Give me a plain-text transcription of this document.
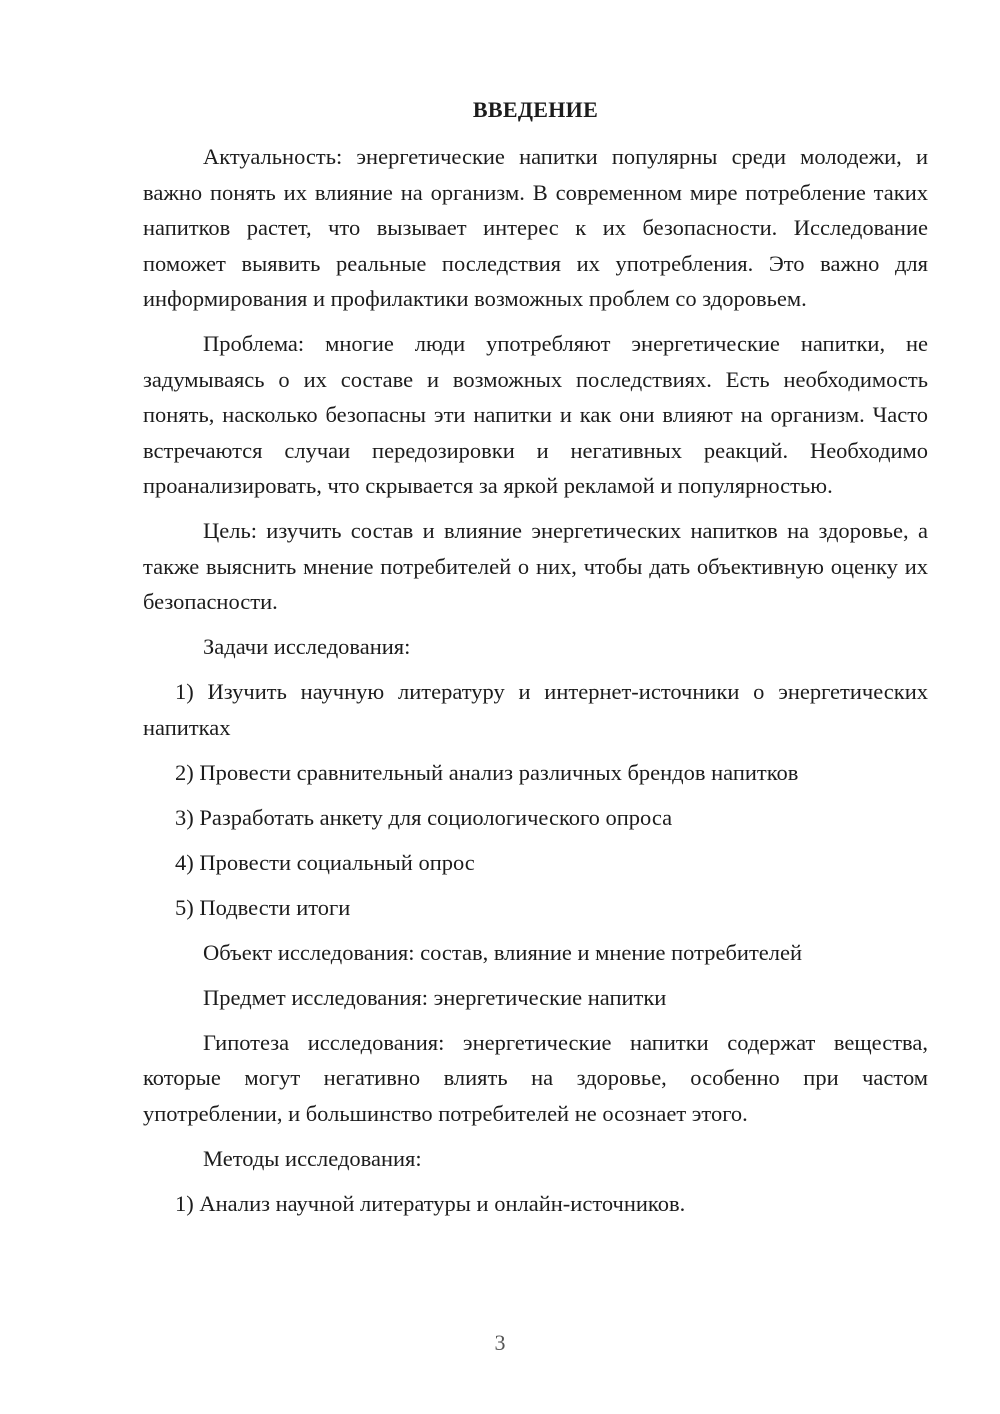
ВВЕДЕНИЕ

Актуальность: энергетические напитки популярны среди молодежи, и важно понять их влияние на организм. В современном мире потребление таких напитков растет, что вызывает интерес к их безопасности. Исследование поможет выявить реальные последствия их употребления. Это важно для информирования и профилактики возможных проблем со здоровьем.

Проблема: многие люди употребляют энергетические напитки, не задумываясь о их составе и возможных последствиях. Есть необходимость понять, насколько безопасны эти напитки и как они влияют на организм. Часто встречаются случаи передозировки и негативных реакций. Необходимо проанализировать, что скрывается за яркой рекламой и популярностью.

Цель: изучить состав и влияние энергетических напитков на здоровье, а также выяснить мнение потребителей о них, чтобы дать объективную оценку их безопасности.

Задачи исследования:

1) Изучить научную литературу и интернет-источники о энергетических напитках

2) Провести сравнительный анализ различных брендов напитков

3) Разработать анкету для социологического опроса

4) Провести социальный опрос

5) Подвести итоги

Объект исследования: состав, влияние и мнение потребителей

Предмет исследования: энергетические напитки

Гипотеза исследования: энергетические напитки содержат вещества, которые могут негативно влиять на здоровье, особенно при частом употреблении, и большинство потребителей не осознает этого.

Методы исследования:

1) Анализ научной литературы и онлайн-источников.

3
